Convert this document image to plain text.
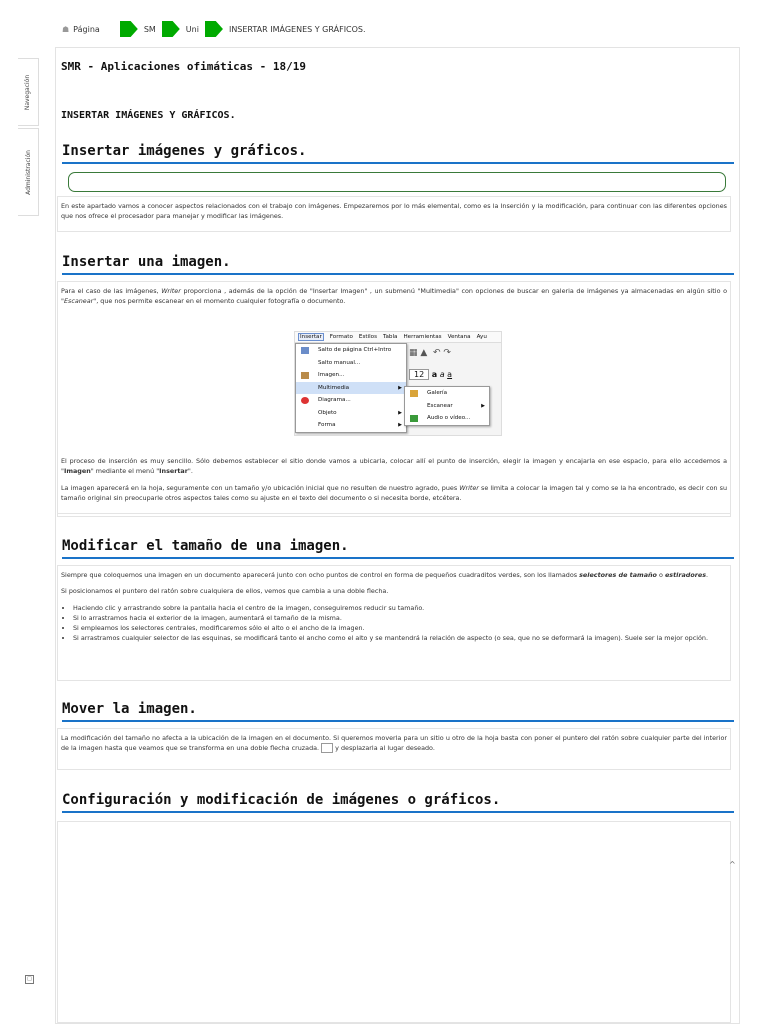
☗ Página	SM	Uni	INSERTAR IMÁGENES Y GRÁFICOS.
Navegación
Administración
□
SMR - Aplicaciones ofimáticas - 18/19
INSERTAR IMÁGENES Y GRÁFICOS.
Insertar imágenes y gráficos.

En este apartado vamos a conocer aspectos relacionados con el trabajo con imágenes. Empezaremos por lo más elemental, como es la Inserción y la modificación, para continuar con las diferentes opciones que nos ofrece el procesador para manejar y modificar las imágenes.

Insertar una imagen.

Para el caso de las imágenes, Writer proporciona , además de la opción de "Insertar Imagen" , un submenú "Multimedia" con opciones de buscar en galeria de imágenes ya almacenadas en algún sitio o "Escanear", que nos permite escanear en el momento cualquier fotografía o documento.

Insertar	Formato Estilos Tabla Herramientas Ventana Ayu
▦ ▲  ↶ ↷
12 a a a
Salto de página Ctrl+Intro
Salto manual...
Imagen...
Multimedia	▶
Diagrama...
Objeto	▶
Forma	▶
Galería
Escanear	▶
Audio o vídeo...

El proceso de inserción es muy sencillo. Sólo debemos establecer el sitio donde vamos a ubicarla, colocar allí el punto de inserción, elegir la imagen y encajarla en ese espacio, para ello accedemos a "Imagen" mediante el menú "Insertar".

La imagen aparecerá en la hoja, seguramente con un tamaño y/o ubicación inicial que no resulten de nuestro agrado, pues Writer se limita a colocar la imagen tal y como se la ha encontrado, es decir con su tamaño original sin preocuparle otros aspectos tales como su ajuste en el texto del documento o si necesita borde, etcétera.

Modificar el tamaño de una imagen.

Siempre que coloquemos una imagen en un documento aparecerá junto con ocho puntos de control en forma de pequeños cuadraditos verdes, son los llamados selectores de tamaño o estiradores.

Si posicionamos el puntero del ratón sobre cualquiera de ellos, vemos que cambia a una doble flecha.

• Haciendo clic y arrastrando sobre la pantalla hacia el centro de la imagen, conseguiremos reducir su tamaño.
• Si lo arrastramos hacia el exterior de la imagen, aumentará el tamaño de la misma.
• Si empleamos los selectores centrales, modificaremos sólo el alto o el ancho de la imagen.
• Si arrastramos cualquier selector de las esquinas, se modificará tanto el ancho como el alto y se mantendrá la relación de aspecto (o sea, que no se deformará la imagen). Suele ser la mejor opción.
Mover la imagen.

La modificación del tamaño no afecta a la ubicación de la imagen en el documento. Si queremos moverla para un sitio u otro de la hoja basta con poner el puntero del ratón sobre cualquier parte del interior de la imagen hasta que veamos que se transforma en una doble flecha cruzada.  y desplazarla al lugar deseado.

Configuración y modificación de imágenes o gráficos.
^
